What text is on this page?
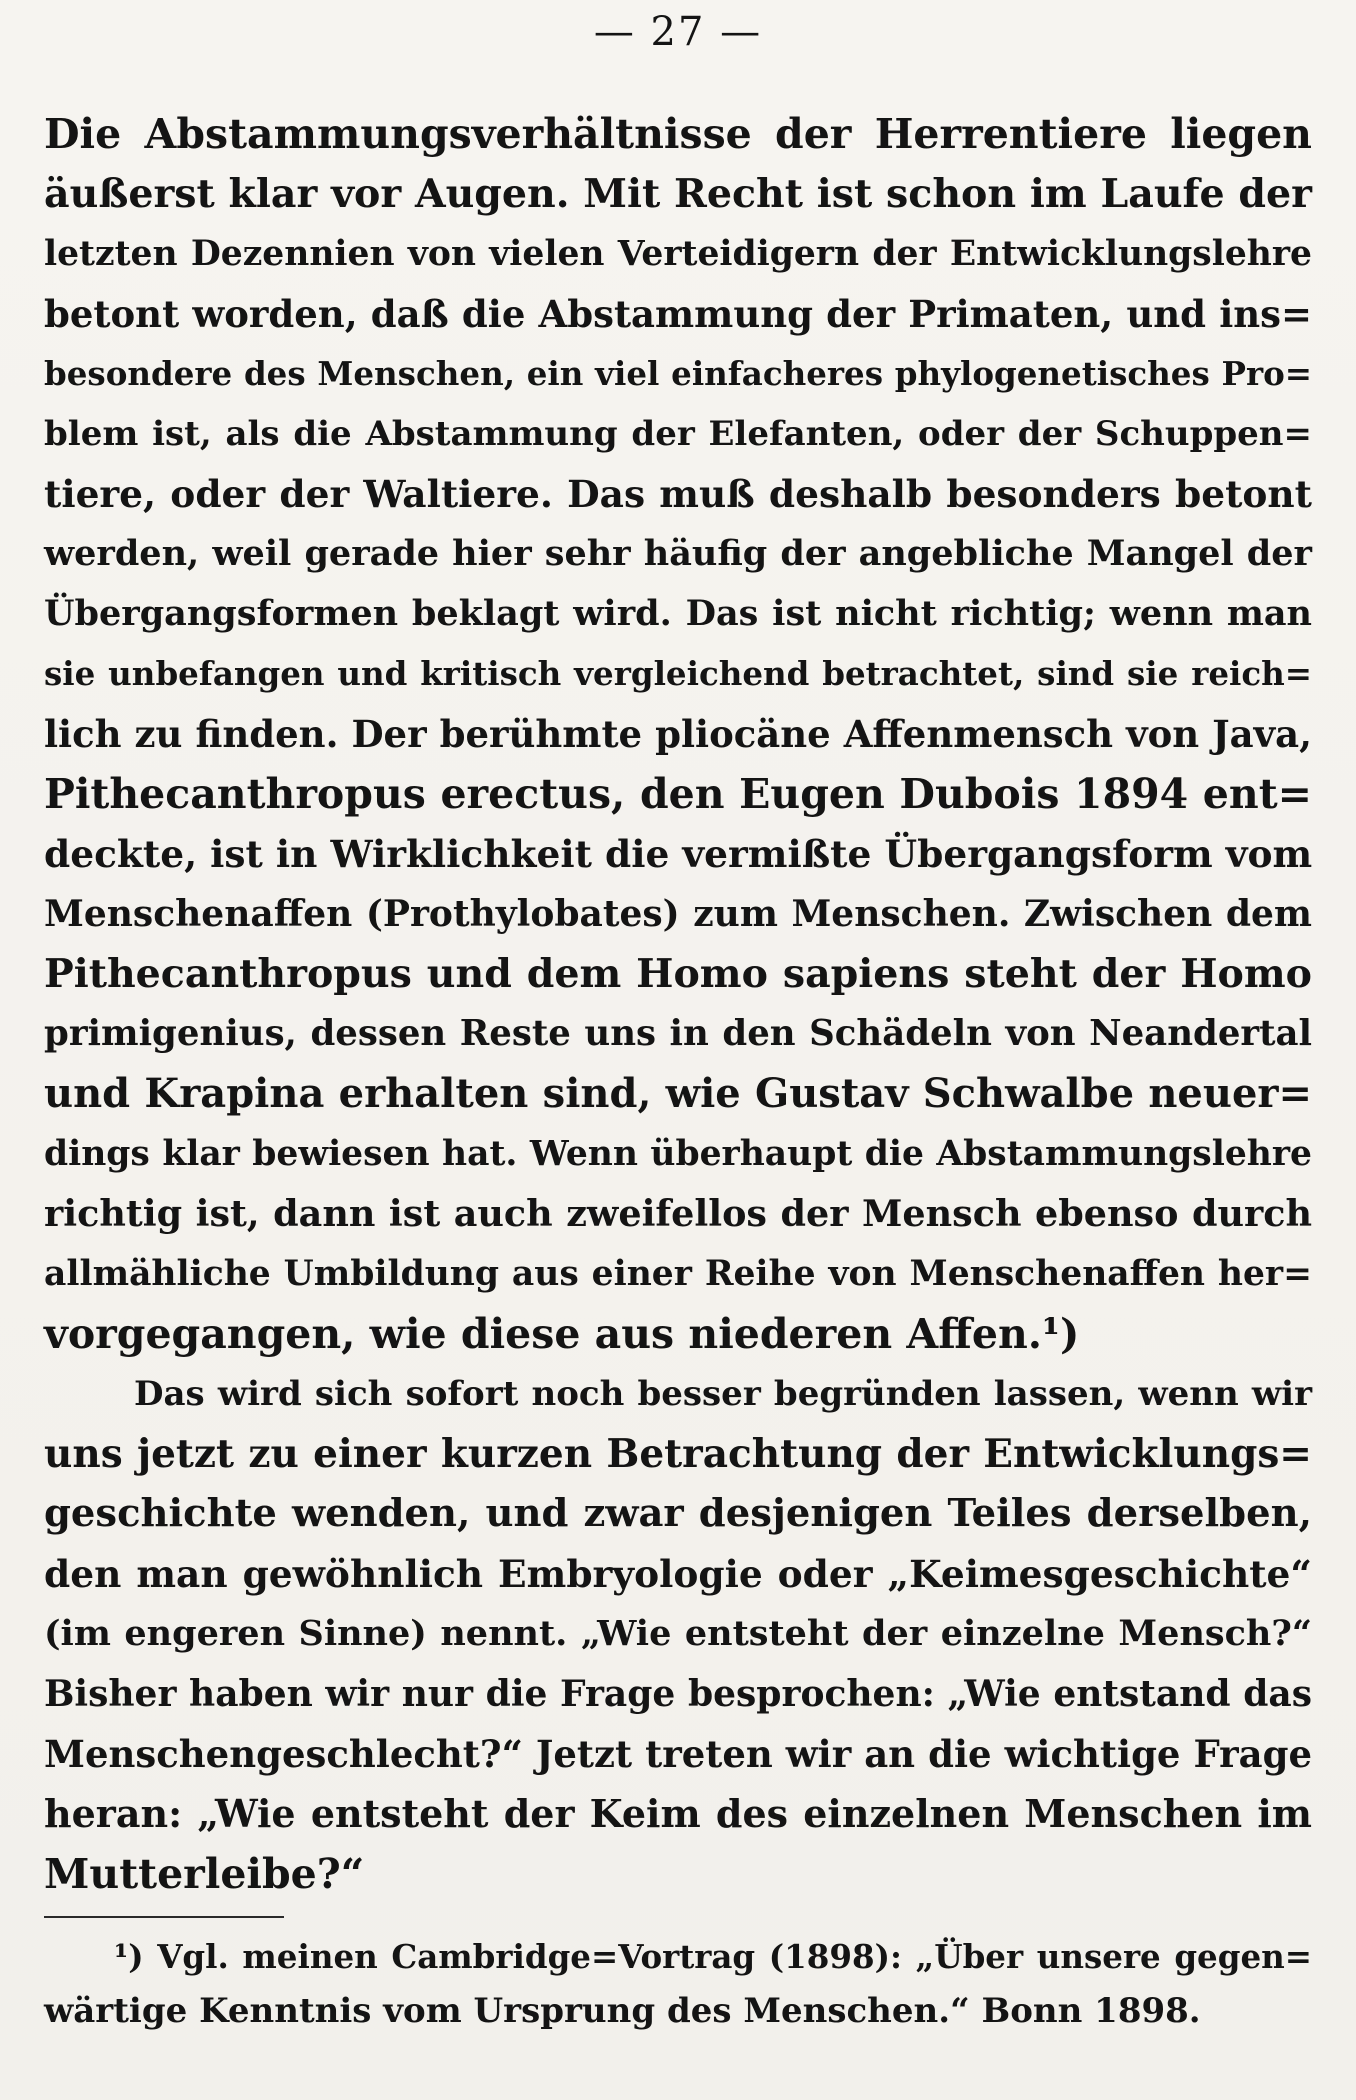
— 27 —
Die Abstammungsverhältnisse der Herrentiere liegen
äußerst klar vor Augen. Mit Recht ist schon im Laufe der
letzten Dezennien von vielen Verteidigern der Entwicklungslehre
betont worden, daß die Abstammung der Primaten, und ins=
besondere des Menschen, ein viel einfacheres phylogenetisches Pro=
blem ist, als die Abstammung der Elefanten, oder der Schuppen=
tiere, oder der Waltiere. Das muß deshalb besonders betont
werden, weil gerade hier sehr häufig der angebliche Mangel der
Übergangsformen beklagt wird. Das ist nicht richtig; wenn man
sie unbefangen und kritisch vergleichend betrachtet, sind sie reich=
lich zu finden. Der berühmte pliocäne Affenmensch von Java,
Pithecanthropus erectus, den Eugen Dubois 1894 ent=
deckte, ist in Wirklichkeit die vermißte Übergangsform vom
Menschenaffen (Prothylobates) zum Menschen. Zwischen dem
Pithecanthropus und dem Homo sapiens steht der Homo
primigenius, dessen Reste uns in den Schädeln von Neandertal
und Krapina erhalten sind, wie Gustav Schwalbe neuer=
dings klar bewiesen hat. Wenn überhaupt die Abstammungslehre
richtig ist, dann ist auch zweifellos der Mensch ebenso durch
allmähliche Umbildung aus einer Reihe von Menschenaffen her=
vorgegangen, wie diese aus niederen Affen.¹)
Das wird sich sofort noch besser begründen lassen, wenn wir
uns jetzt zu einer kurzen Betrachtung der Entwicklungs=
geschichte wenden, und zwar desjenigen Teiles derselben,
den man gewöhnlich Embryologie oder „Keimesgeschichte“
(im engeren Sinne) nennt. „Wie entsteht der einzelne Mensch?“
Bisher haben wir nur die Frage besprochen: „Wie entstand das
Menschengeschlecht?“ Jetzt treten wir an die wichtige Frage
heran: „Wie entsteht der Keim des einzelnen Menschen im
Mutterleibe?“
¹) Vgl. meinen Cambridge=Vortrag (1898): „Über unsere gegen=
wärtige Kenntnis vom Ursprung des Menschen.“ Bonn 1898.
